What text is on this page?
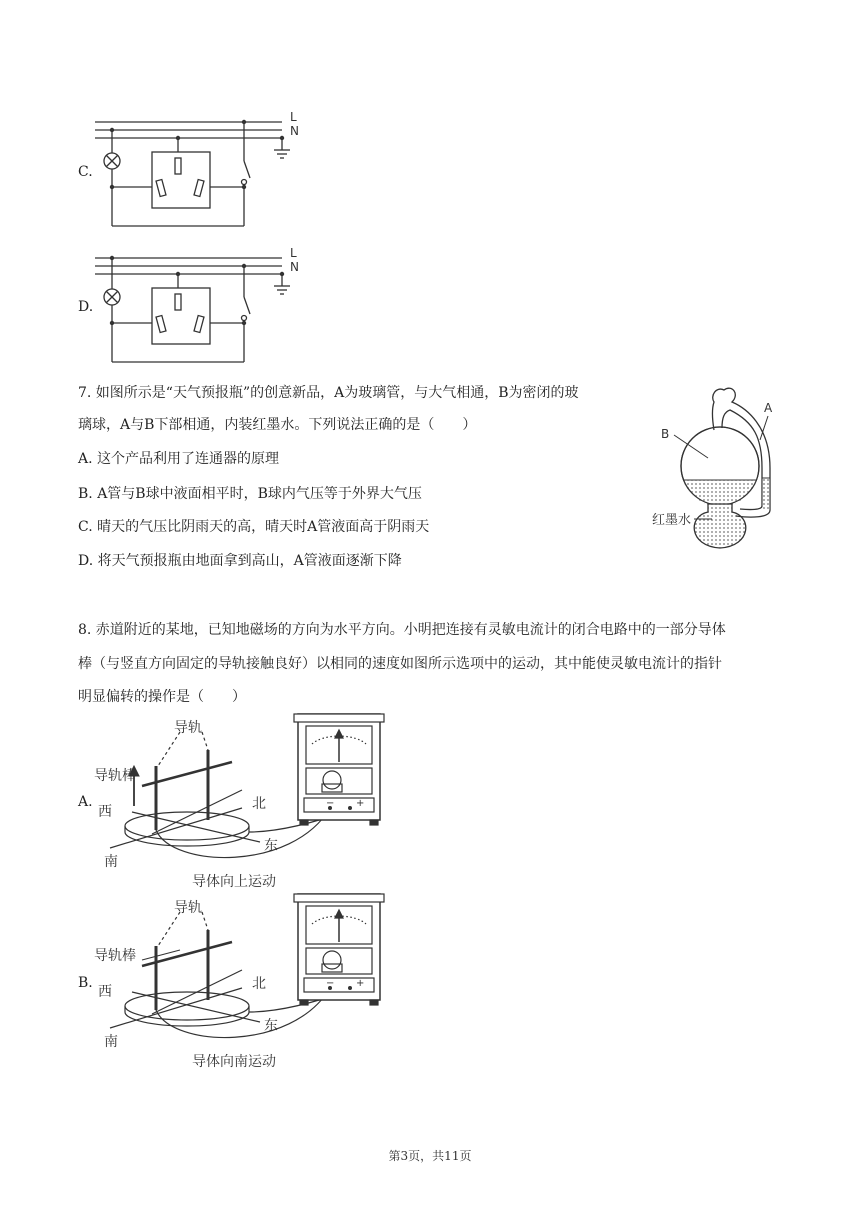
C.
L
N
D.
L
N
7. 如图所示是“天气预报瓶”的创意新品，A为玻璃管，与大气相通，B为密闭的玻
璃球，A与B下部相通，内装红墨水。下列说法正确的是（　　）
A. 这个产品利用了连通器的原理
B. A管与B球中液面相平时，B球内气压等于外界大气压
C. 晴天的气压比阴雨天的高，晴天时A管液面高于阴雨天
D. 将天气预报瓶由地面拿到高山，A管液面逐渐下降
A
B
红墨水
8. 赤道附近的某地，已知地磁场的方向为水平方向。小明把连接有灵敏电流计的闭合电路中的一部分导体
棒（与竖直方向固定的导轨接触良好）以相同的速度如图所示选项中的运动，其中能使灵敏电流计的指针
明显偏转的操作是（　　）
A.	− +
导轨
导轨棒
西	北
南
东
导体向上运动
B.	− +
导轨
导轨棒
西	北
南
东
导体向南运动
第3页，共11页
